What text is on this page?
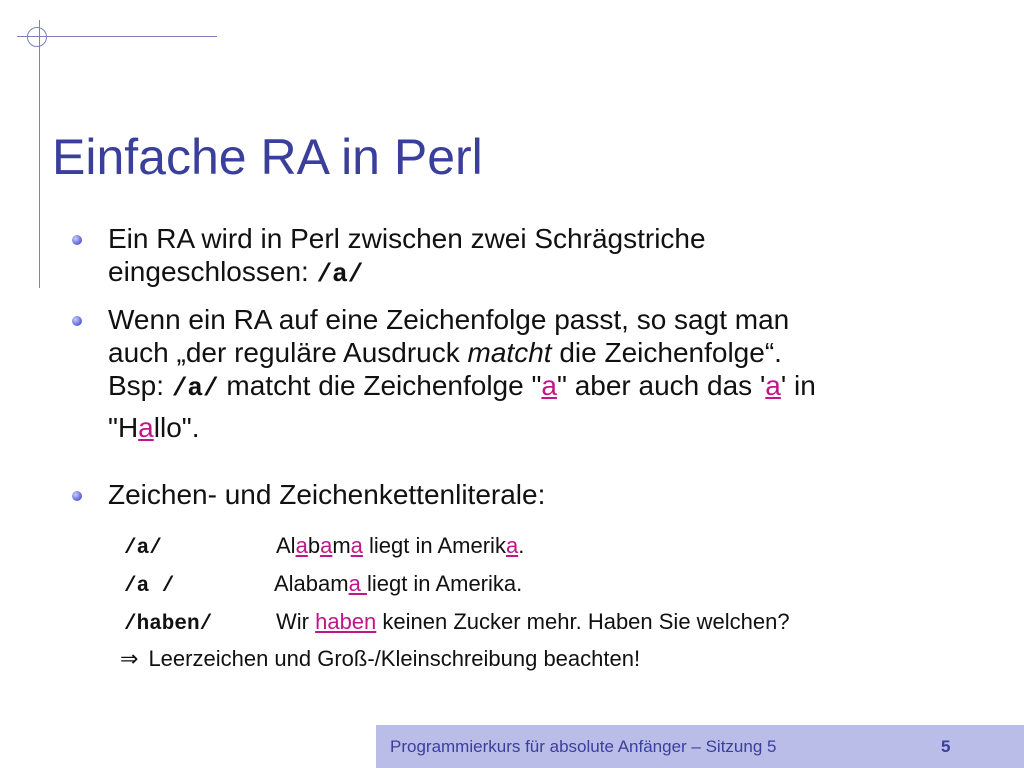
Einfache RA in Perl
Ein RA wird in Perl zwischen zwei Schrägstriche
eingeschlossen: /a/
Wenn ein RA auf eine Zeichenfolge passt, so sagt man
auch „der reguläre Ausdruck matcht die Zeichenfolge“.
Bsp: /a/ matcht die Zeichenfolge "a" aber auch das 'a' in
"Hallo".
Zeichen- und Zeichenkettenliterale:
/a/	Alabama liegt in Amerika.
/a /	Alabama liegt in Amerika.
/haben/	Wir haben keinen Zucker mehr. Haben Sie welchen?
⇒ Leerzeichen und Groß-/Kleinschreibung beachten!
Programmierkurs für absolute Anfänger – Sitzung 5	5
